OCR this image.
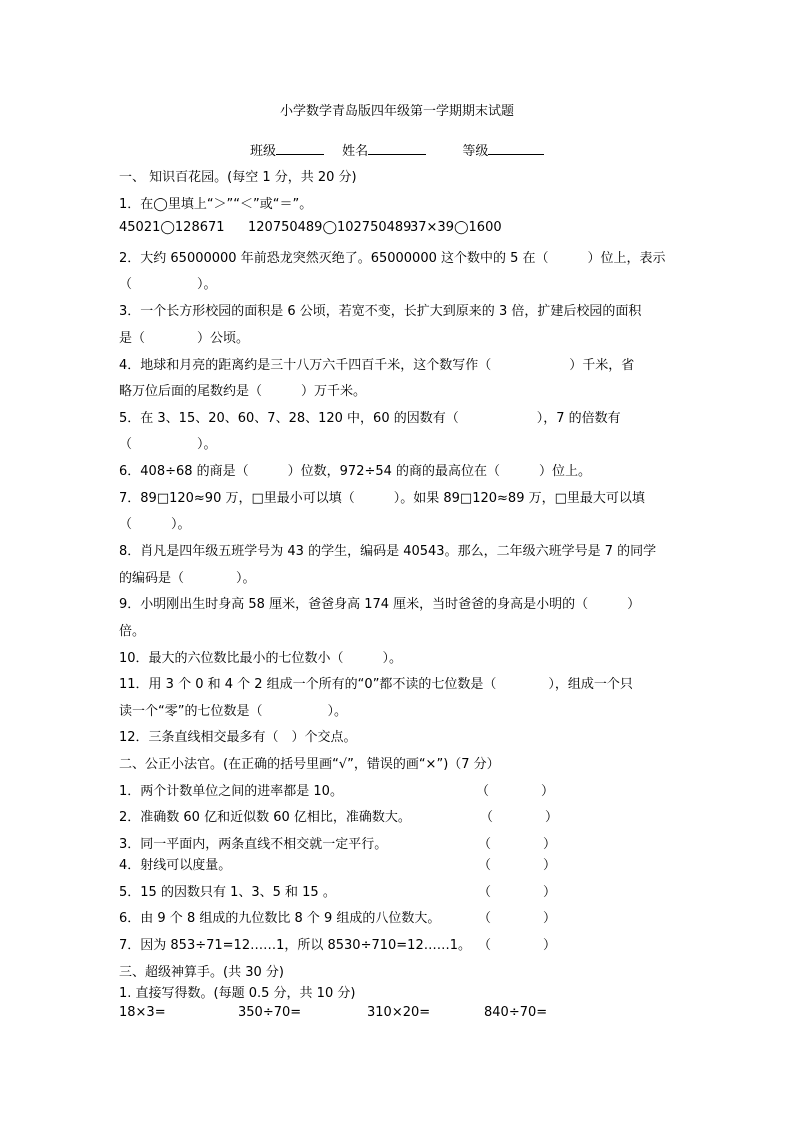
小学数学青岛版四年级第一学期期末试题
班级	姓名	等级
一、 知识百花园。(每空 1 分，共 20 分)
1．在◯里填上“＞”“＜”或“＝”。
45021◯128671 120750489◯102750489
37×39◯1600
2．大约 65000000 年前恐龙突然灭绝了。65000000 这个数中的 5 在（　　　）位上，表示
（　　　　　）。
3．一个长方形校园的面积是 6 公顷，若宽不变，长扩大到原来的 3 倍，扩建后校园的面积
是（　　　　）公顷。
4．地球和月亮的距离约是三十八万六千四百千米，这个数写作（　　　　　　）千米，省
略万位后面的尾数约是（　　　）万千米。
5．在 3、15、20、60、7、28、120 中，60 的因数有（　　　　　　），7 的倍数有
（　　　　　）。
6．408÷68 的商是（　　　）位数，972÷54 的商的最高位在（　　　）位上。
7．89□120≈90 万，□里最小可以填（　　　）。如果 89□120≈89 万，□里最大可以填
（　　　）。
8．肖凡是四年级五班学号为 43 的学生，编码是 40543。那么，二年级六班学号是 7 的同学
的编码是（　　　　）。
9．小明刚出生时身高 58 厘米，爸爸身高 174 厘米，当时爸爸的身高是小明的（　　　）
倍。
10．最大的六位数比最小的七位数小（　　　）。
11．用 3 个 0 和 4 个 2 组成一个所有的“0”都不读的七位数是（　　　　），组成一个只
读一个“零”的七位数是（　　　　　）。
12．三条直线相交最多有（　）个交点。
二、公正小法官。(在正确的括号里画“√”，错误的画“×”)（7 分）
1．两个计数单位之间的进率都是 10。	（　　　　）
2．准确数 60 亿和近似数 60 亿相比，准确数大。	（　　　　）
3．同一平面内，两条直线不相交就一定平行。	（　　　　）
4．射线可以度量。	（　　　　）
5．15 的因数只有 1、3、5 和 15 。	（　　　　）
6．由 9 个 8 组成的九位数比 8 个 9 组成的八位数大。	（　　　　）
7．因为 853÷71=12……1，所以 8530÷710=12……1。 （　　　　）
三、超级神算手。(共 30 分)
1. 直接写得数。(每题 0.5 分，共 10 分)
18×3=	350÷70=	310×20=	840÷70=
